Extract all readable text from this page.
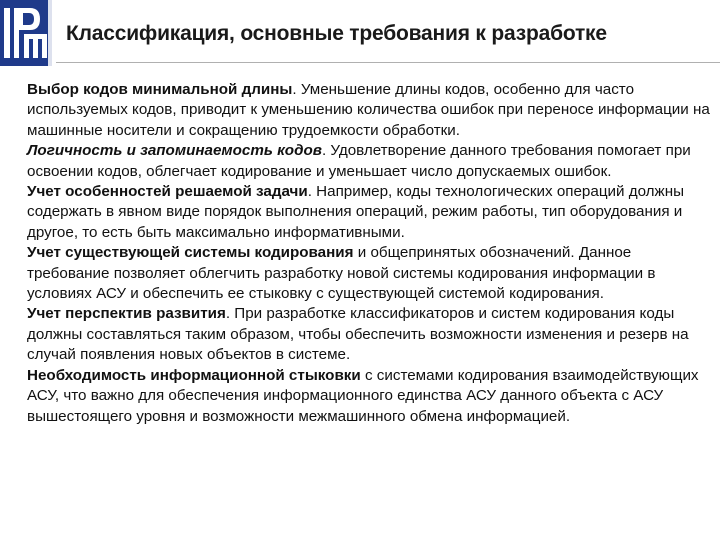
Классификация, основные требования к разработке

Выбор кодов минимальной длины. Уменьшение длины кодов, особенно для часто используемых кодов, приводит к уменьшению количества ошибок при переносе информации на машинные носители и сокращению трудоемкости обработки.

Логичность и запоминаемость кодов. Удовлетворение данного требования помогает при освоении кодов, облегчает кодирование и уменьшает число допускаемых ошибок.

Учет особенностей решаемой задачи. Например, коды технологических операций должны содержать в явном виде порядок выполнения операций, режим работы, тип оборудования и другое, то есть быть максимально информативными.

Учет существующей системы кодирования и общепринятых обозначений. Данное требование позволяет облегчить разработку новой системы кодирования информации в условиях АСУ и обеспечить ее стыковку с существующей системой кодирования.

Учет перспектив развития. При разработке классификаторов и систем кодирования коды должны составляться таким образом, чтобы обеспечить возможности изменения и резерв на случай появления новых объектов в системе.

Необходимость информационной стыковки с системами кодирования взаимодействующих АСУ, что важно для обеспечения информационного единства АСУ данного объекта с АСУ вышестоящего уровня и возможности межмашинного обмена информацией.
